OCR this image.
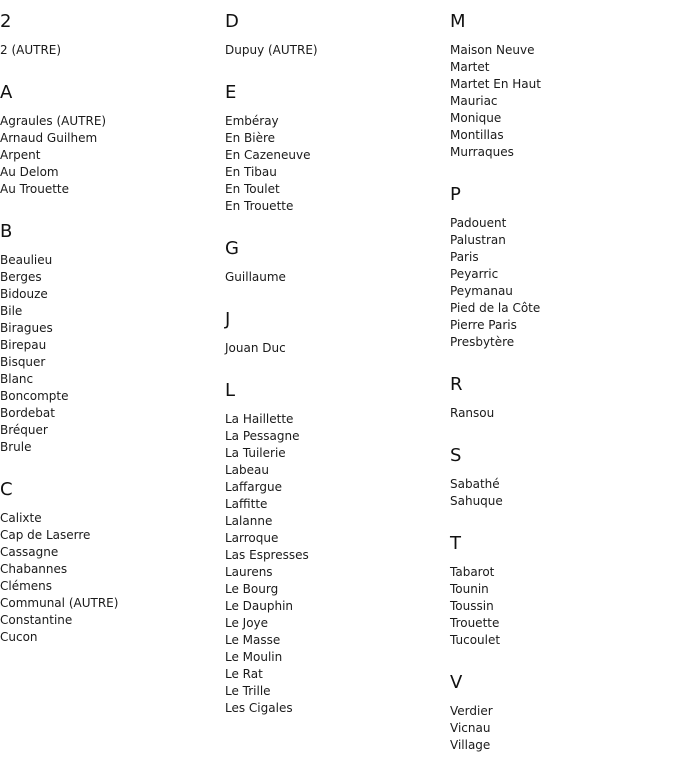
2
2 (AUTRE)
A
Agraules (AUTRE)
Arnaud Guilhem
Arpent
Au Delom
Au Trouette
B
Beaulieu
Berges
Bidouze
Bile
Biragues
Birepau
Bisquer
Blanc
Boncompte
Bordebat
Bréquer
Brule
C
Calixte
Cap de Laserre
Cassagne
Chabannes
Clémens
Communal (AUTRE)
Constantine
Cucon
D
Dupuy (AUTRE)
E
Embéray
En Bière
En Cazeneuve
En Tibau
En Toulet
En Trouette
G
Guillaume
J
Jouan Duc
L
La Haillette
La Pessagne
La Tuilerie
Labeau
Laffargue
Laffitte
Lalanne
Larroque
Las Espresses
Laurens
Le Bourg
Le Dauphin
Le Joye
Le Masse
Le Moulin
Le Rat
Le Trille
Les Cigales
M
Maison Neuve
Martet
Martet En Haut
Mauriac
Monique
Montillas
Murraques
P
Padouent
Palustran
Paris
Peyarric
Peymanau
Pied de la Côte
Pierre Paris
Presbytère
R
Ransou
S
Sabathé
Sahuque
T
Tabarot
Tounin
Toussin
Trouette
Tucoulet
V
Verdier
Vicnau
Village
